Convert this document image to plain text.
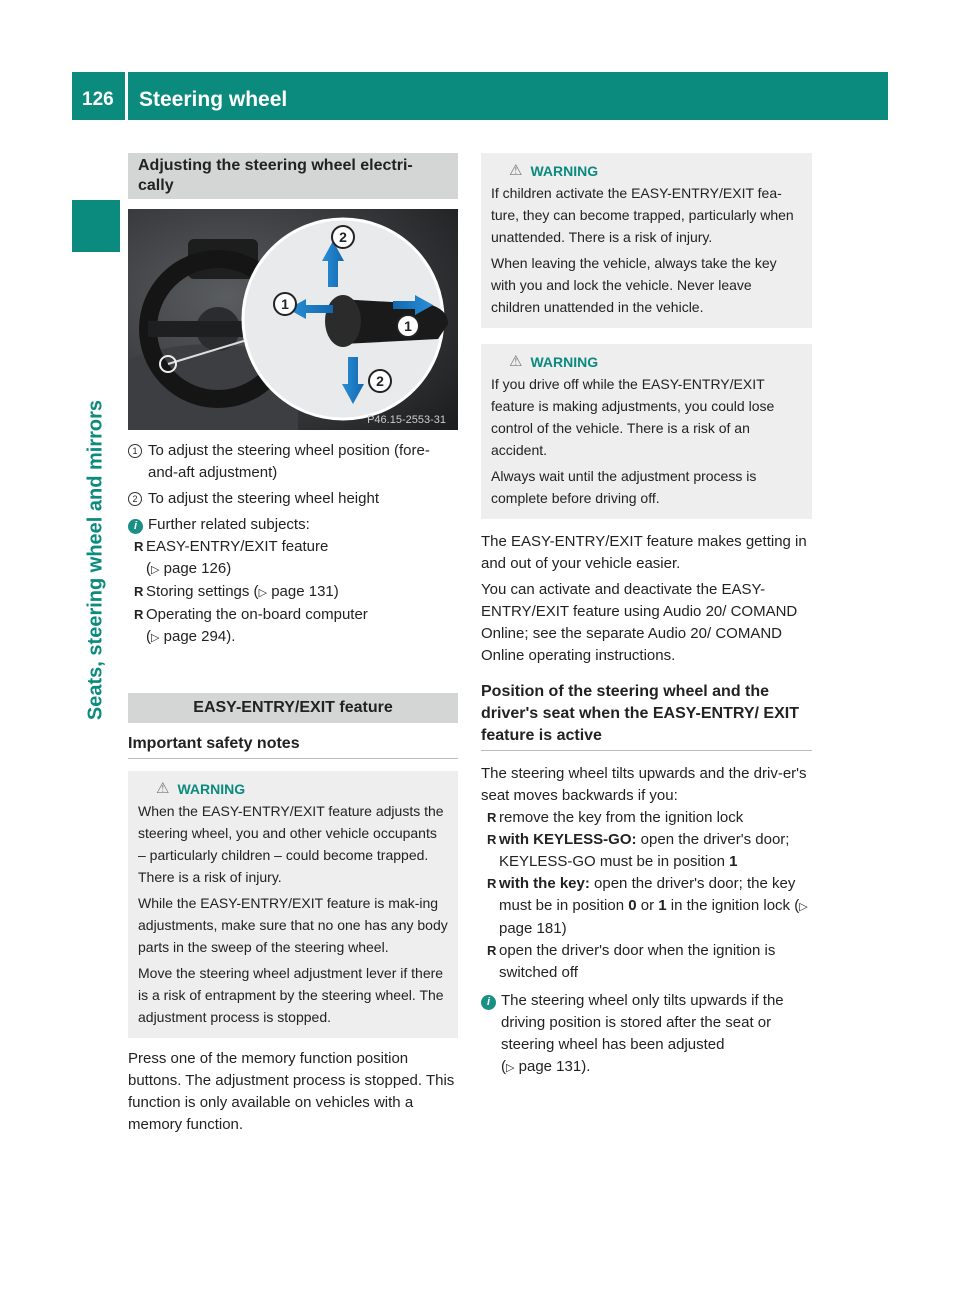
126 Steering wheel
Seats, steering wheel and mirrors
Adjusting the steering wheel electri-
cally
2
1
1
2
P46.15-2553-31
1 To adjust the steering wheel position (fore-and-aft adjustment)
2 To adjust the steering wheel height
i Further related subjects:
R EASY-ENTRY/EXIT feature
(▷ page 126)
R Storing settings (▷ page 131)
R Operating the on-board computer
(▷ page 294).
EASY-ENTRY/EXIT feature
Important safety notes
⚠ WARNING

When the EASY-ENTRY/EXIT feature adjusts the steering wheel, you and other vehicle occupants – particularly children – could become trapped. There is a risk of injury.

While the EASY-ENTRY/EXIT feature is mak-ing adjustments, make sure that no one has any body parts in the sweep of the steering wheel.

Move the steering wheel adjustment lever if there is a risk of entrapment by the steering wheel. The adjustment process is stopped.

Press one of the memory function position buttons. The adjustment process is stopped. This function is only available on vehicles with a memory function.

⚠ WARNING

If children activate the EASY-ENTRY/EXIT fea-ture, they can become trapped, particularly when unattended. There is a risk of injury.

When leaving the vehicle, always take the key with you and lock the vehicle. Never leave children unattended in the vehicle.

⚠ WARNING

If you drive off while the EASY-ENTRY/EXIT feature is making adjustments, you could lose control of the vehicle. There is a risk of an accident.

Always wait until the adjustment process is complete before driving off.

The EASY-ENTRY/EXIT feature makes getting in and out of your vehicle easier.

You can activate and deactivate the EASY-ENTRY/EXIT feature using Audio 20/ COMAND Online; see the separate Audio 20/ COMAND Online operating instructions.

Position of the steering wheel and the driver's seat when the EASY-ENTRY/ EXIT feature is active

The steering wheel tilts upwards and the driv-er's seat moves backwards if you:

R remove the key from the ignition lock
R with KEYLESS-GO: open the driver's door; KEYLESS-GO must be in position 1
R with the key: open the driver's door; the key must be in position 0 or 1 in the ignition lock (▷ page 181)
R open the driver's door when the ignition is switched off
i The steering wheel only tilts upwards if the driving position is stored after the seat or steering wheel has been adjusted
(▷ page 131).
